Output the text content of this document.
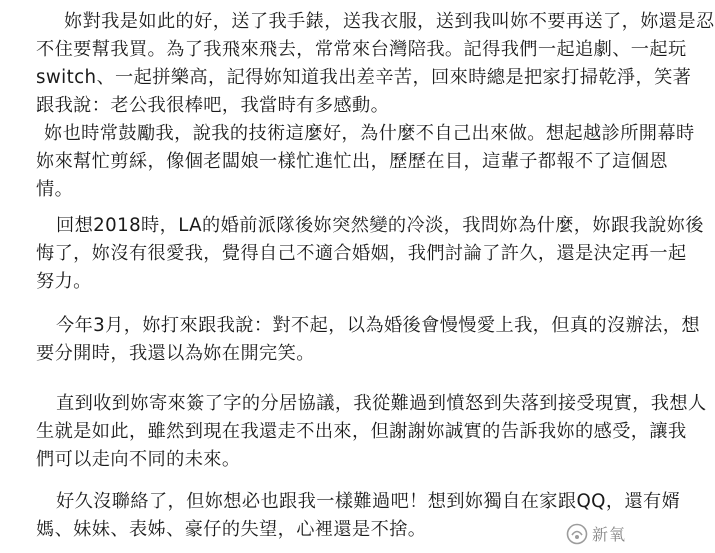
妳對我是如此的好，送了我手錶，送我衣服，送到我叫妳不要再送了，妳還是忍
不住要幫我買。為了我飛來飛去，常常來台灣陪我。記得我們一起追劇、一起玩
switch、一起拼樂高，記得妳知道我出差辛苦，回來時總是把家打掃乾淨，笑著
跟我說：老公我很棒吧，我當時有多感動。
妳也時常鼓勵我，說我的技術這麼好，為什麼不自己出來做。想起越診所開幕時
妳來幫忙剪綵，像個老闆娘一樣忙進忙出，歷歷在目，這輩子都報不了這個恩
情。
回想2018時，LA的婚前派隊後妳突然變的冷淡，我問妳為什麼，妳跟我說妳後
悔了，妳沒有很愛我，覺得自己不適合婚姻，我們討論了許久，還是決定再一起
努力。
今年3月，妳打來跟我說：對不起，以為婚後會慢慢愛上我，但真的沒辦法，想
要分開時，我還以為妳在開完笑。
直到收到妳寄來簽了字的分居協議，我從難過到憤怒到失落到接受現實，我想人
生就是如此，雖然到現在我還走不出來，但謝謝妳誠實的告訴我妳的感受，讓我
們可以走向不同的未來。
好久沒聯絡了，但妳想必也跟我一樣難過吧！想到妳獨自在家跟QQ，還有婿
媽、妹妹、表姊、豪仔的失望，心裡還是不捨。	新氧
